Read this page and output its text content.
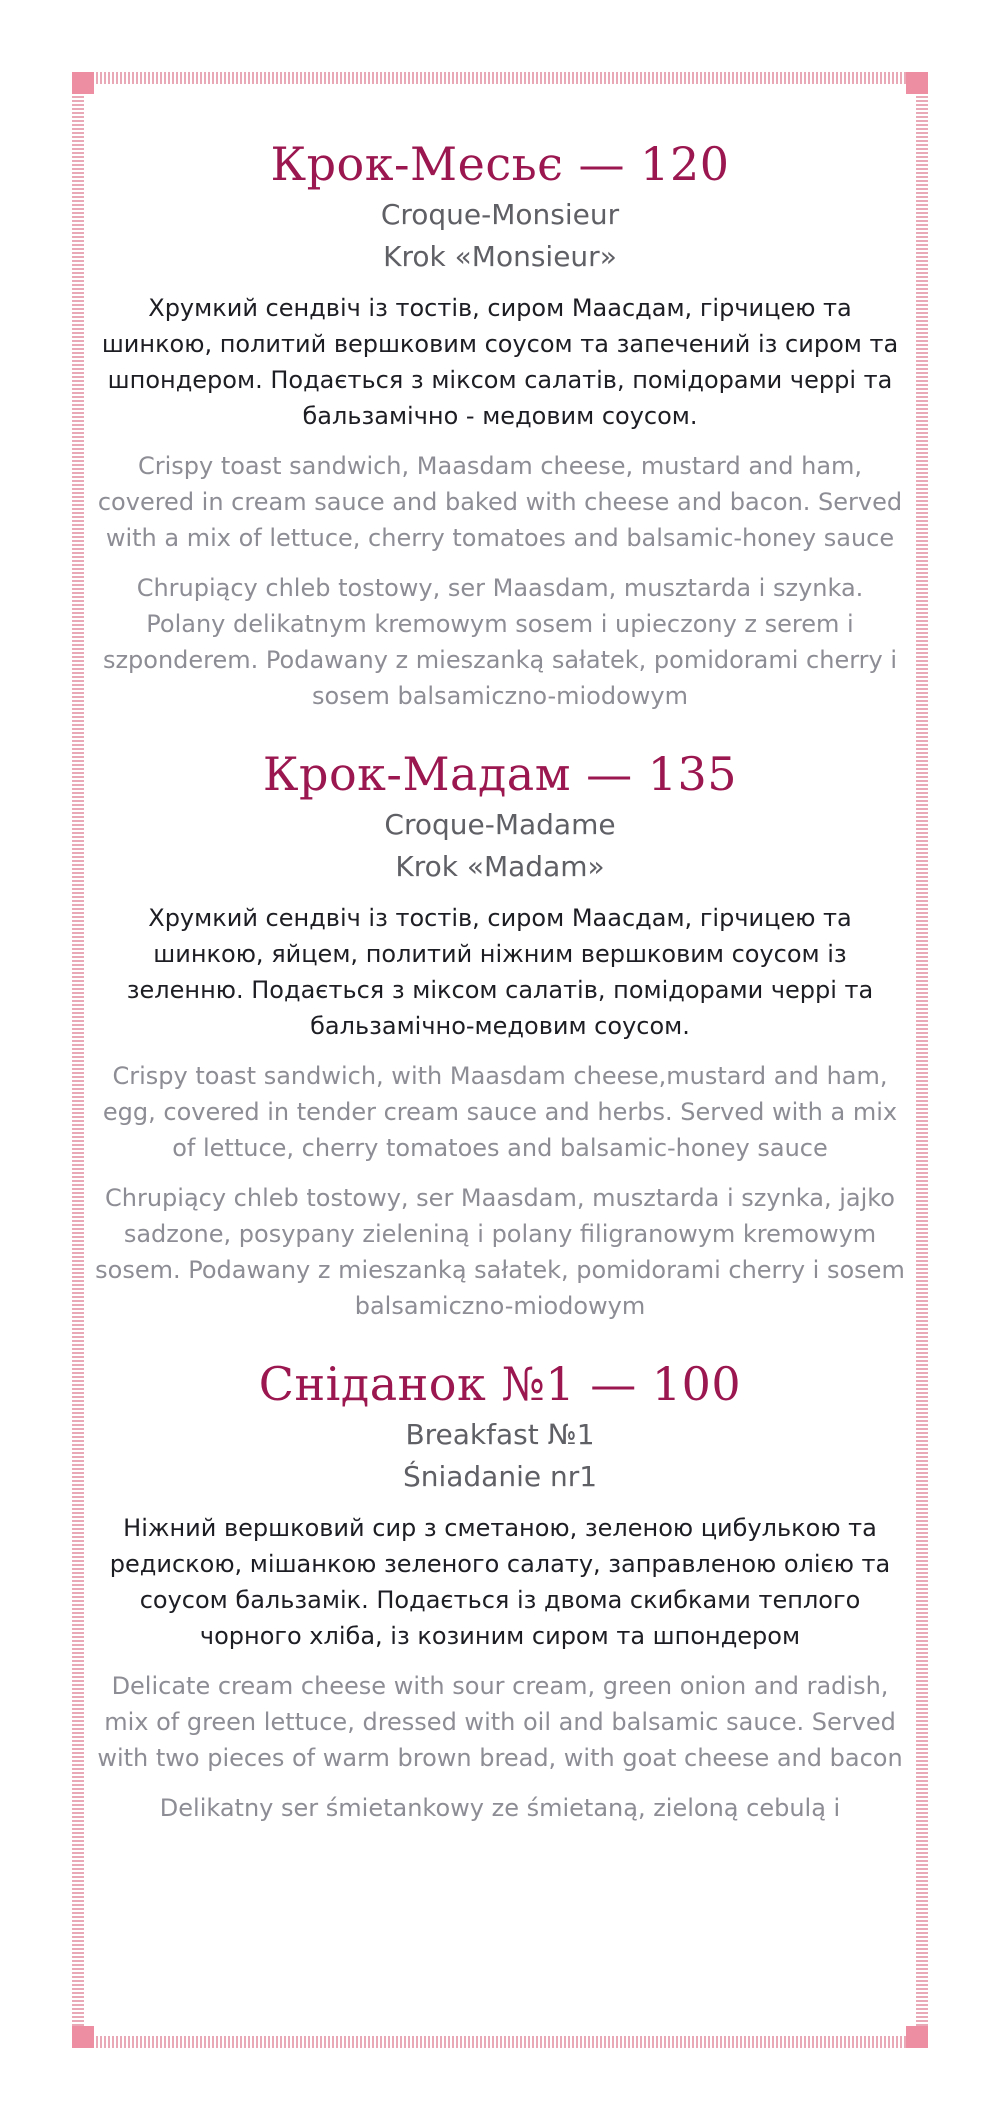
Крок-Месьє — 120
Croque-Monsieur
Krok «Monsieur»
Хрумкий сендвіч із тостів, сиром Маасдам, гірчицею та шинкою, политий вершковим соусом та запечений із сиром та шпондером. Подається з міксом салатів, помідорами черрі та бальзамічно - медовим соусом.
Crispy toast sandwich, Maasdam cheese, mustard and ham, covered in cream sauce and baked with cheese and bacon. Served with a mix of lettuce, cherry tomatoes and balsamic-honey sauce
Chrupiący chleb tostowy, ser Maasdam, musztarda i szynka. Polany delikatnym kremowym sosem i upieczony z serem i szponderem. Podawany z mieszanką sałatek, pomidorami cherry i sosem balsamiczno-miodowym
Крок-Мадам — 135
Croque-Madame
Krok «Madam»
Хрумкий сендвіч із тостів, сиром Маасдам, гірчицею та шинкою, яйцем, политий ніжним вершковим соусом із зеленню. Подається з міксом салатів, помідорами черрі та бальзамічно-медовим соусом.
Crispy toast sandwich, with Maasdam cheese,mustard and ham, egg, covered in tender cream sauce and herbs. Served with a mix of lettuce, cherry tomatoes and balsamic-honey sauce
Chrupiący chleb tostowy, ser Maasdam, musztarda i szynka, jajko sadzone, posypany zieleniną i polany filigranowym kremowym sosem. Podawany z mieszanką sałatek, pomidorami cherry i sosem balsamiczno-miodowym
Сніданок №1 — 100
Breakfast №1
Śniadanie nr1
Ніжний вершковий сир з сметаною, зеленою цибулькою та редискою, мішанкою зеленого салату, заправленою олією та соусом бальзамік. Подається із двома скибками теплого чорного хліба, із козиним сиром та шпондером
Delicate cream cheese with sour cream, green onion and radish, mix of green lettuce, dressed with oil and balsamic sauce. Served with two pieces of warm brown bread, with goat cheese and bacon
Delikatny ser śmietankowy ze śmietaną, zieloną cebulą i
